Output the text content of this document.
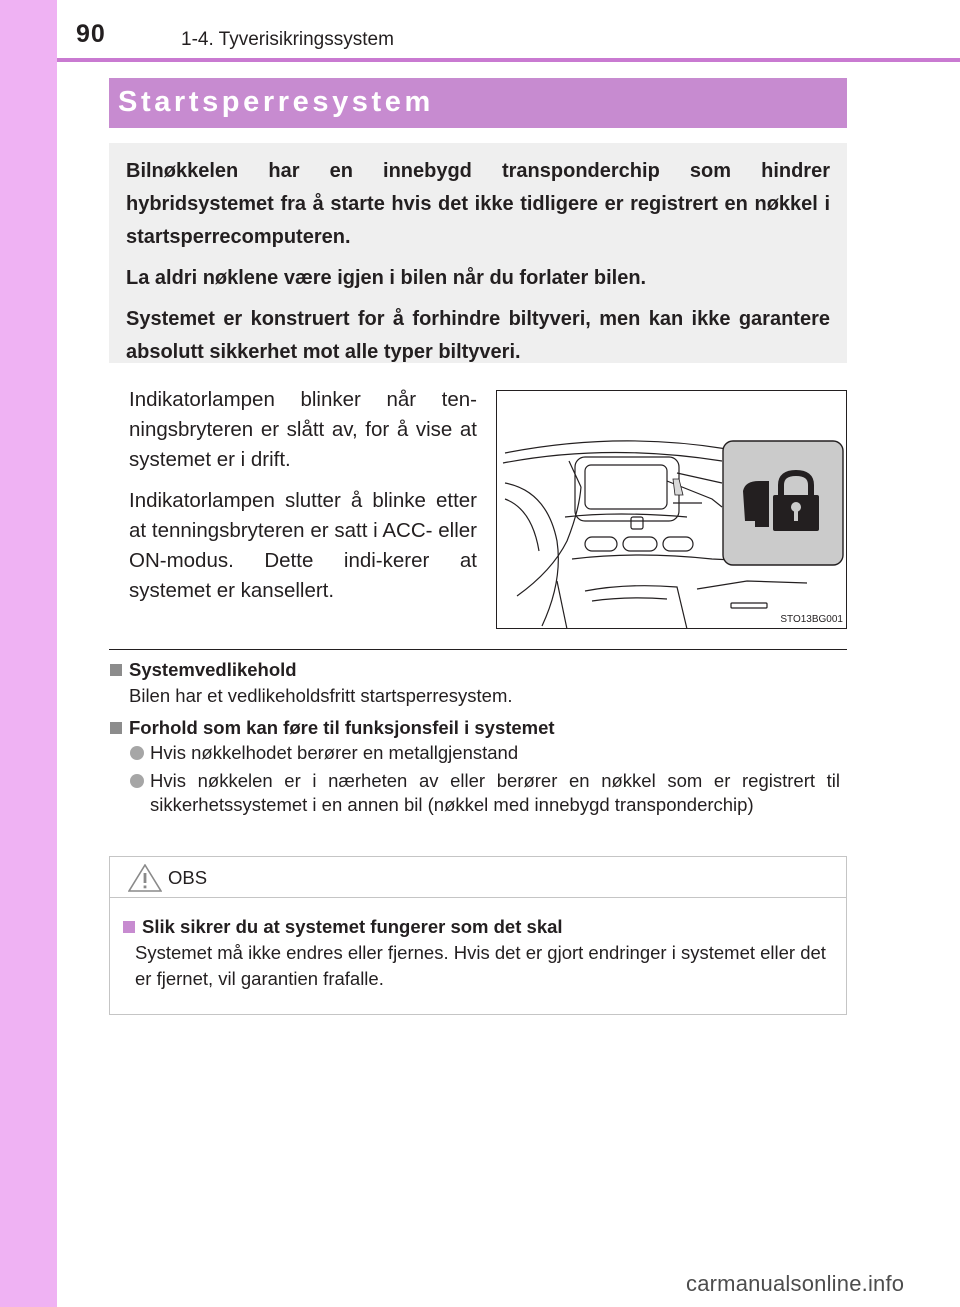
90	1-4. Tyverisikringssystem
Startsperresystem

Bilnøkkelen har en innebygd transponderchip som hindrer hybridsystemet fra å starte hvis det ikke tidligere er registrert en nøkkel i startsperrecomputeren.

La aldri nøklene være igjen i bilen når du forlater bilen.

Systemet er konstruert for å forhindre biltyveri, men kan ikke garantere absolutt sikkerhet mot alle typer biltyveri.

Indikatorlampen blinker når ten-ningsbryteren er slått av, for å vise at systemet er i drift.

Indikatorlampen slutter å blinke etter at tenningsbryteren er satt i ACC- eller ON-modus. Dette indi-kerer at systemet er kansellert.

STO13BG001
Systemvedlikehold
Bilen har et vedlikeholdsfritt startsperresystem.
Forhold som kan føre til funksjonsfeil i systemet
Hvis nøkkelhodet berører en metallgjenstand
Hvis nøkkelen er i nærheten av eller berører en nøkkel som er registrert til sikkerhetssystemet i en annen bil (nøkkel med innebygd transponderchip)
OBS
Slik sikrer du at systemet fungerer som det skal
Systemet må ikke endres eller fjernes. Hvis det er gjort endringer i systemet eller det er fjernet, vil garantien frafalle.
carmanualsonline.info
